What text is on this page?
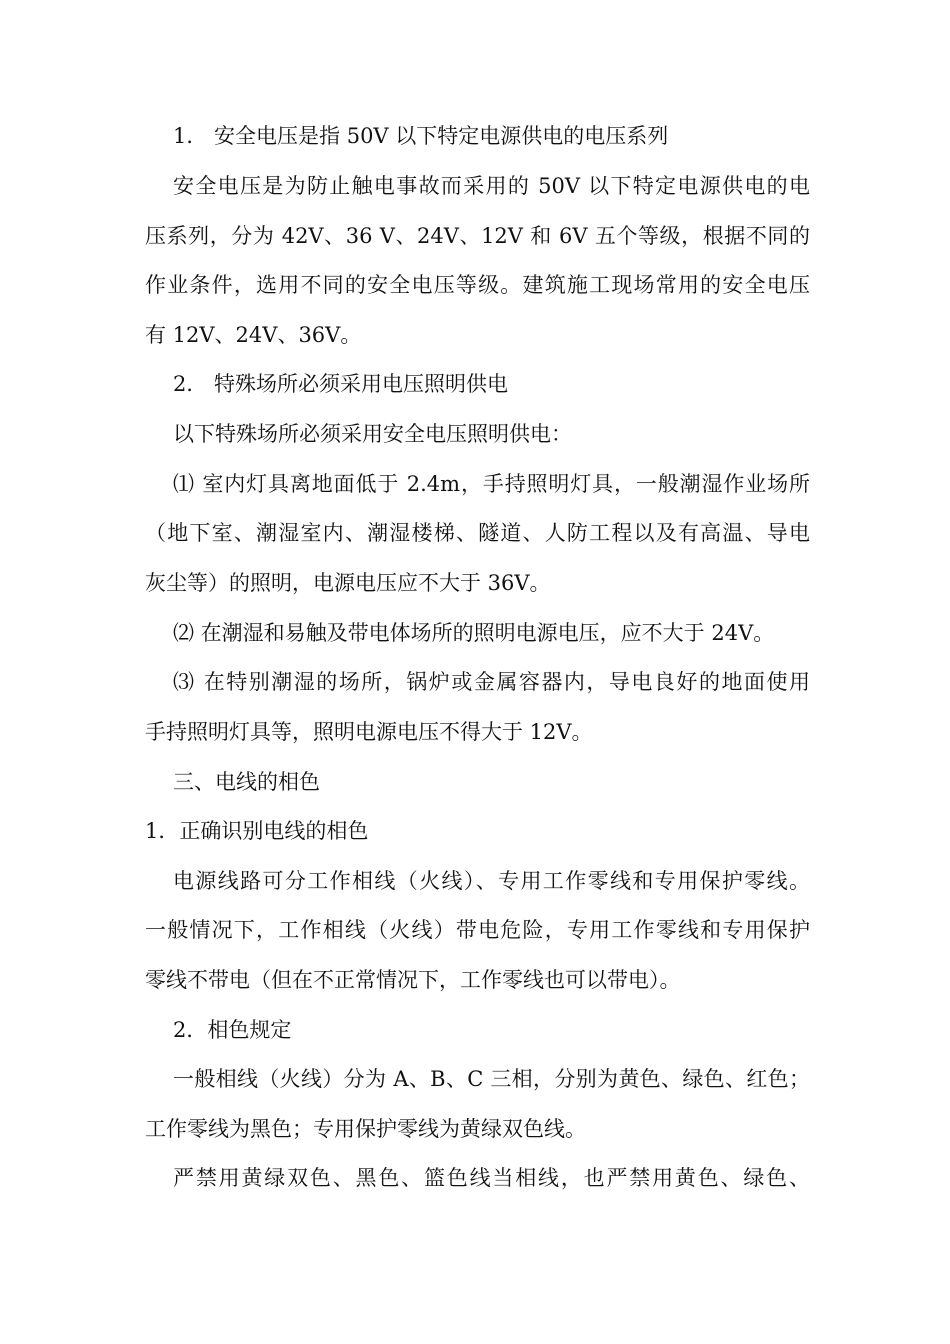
1． 安全电压是指 50V 以下特定电源供电的电压系列
安全电压是为防止触电事故而采用的 50V 以下特定电源供电的电
压系列，分为 42V、36 V、24V、12V 和 6V 五个等级，根据不同的
作业条件，选用不同的安全电压等级。建筑施工现场常用的安全电压
有 12V、24V、36V。
2． 特殊场所必须采用电压照明供电
以下特殊场所必须采用安全电压照明供电：
⑴ 室内灯具离地面低于 2.4m，手持照明灯具，一般潮湿作业场所
（地下室、潮湿室内、潮湿楼梯、隧道、人防工程以及有高温、导电
灰尘等）的照明，电源电压应不大于 36V。
⑵ 在潮湿和易触及带电体场所的照明电源电压，应不大于 24V。
⑶ 在特别潮湿的场所，锅炉或金属容器内，导电良好的地面使用
手持照明灯具等，照明电源电压不得大于 12V。
三、电线的相色
1．正确识别电线的相色
电源线路可分工作相线（火线）、专用工作零线和专用保护零线。
一般情况下，工作相线（火线）带电危险，专用工作零线和专用保护
零线不带电（但在不正常情况下，工作零线也可以带电）。
2．相色规定
一般相线（火线）分为 A、B、C 三相，分别为黄色、绿色、红色；
工作零线为黑色；专用保护零线为黄绿双色线。
严禁用黄绿双色、黑色、篮色线当相线，也严禁用黄色、绿色、
